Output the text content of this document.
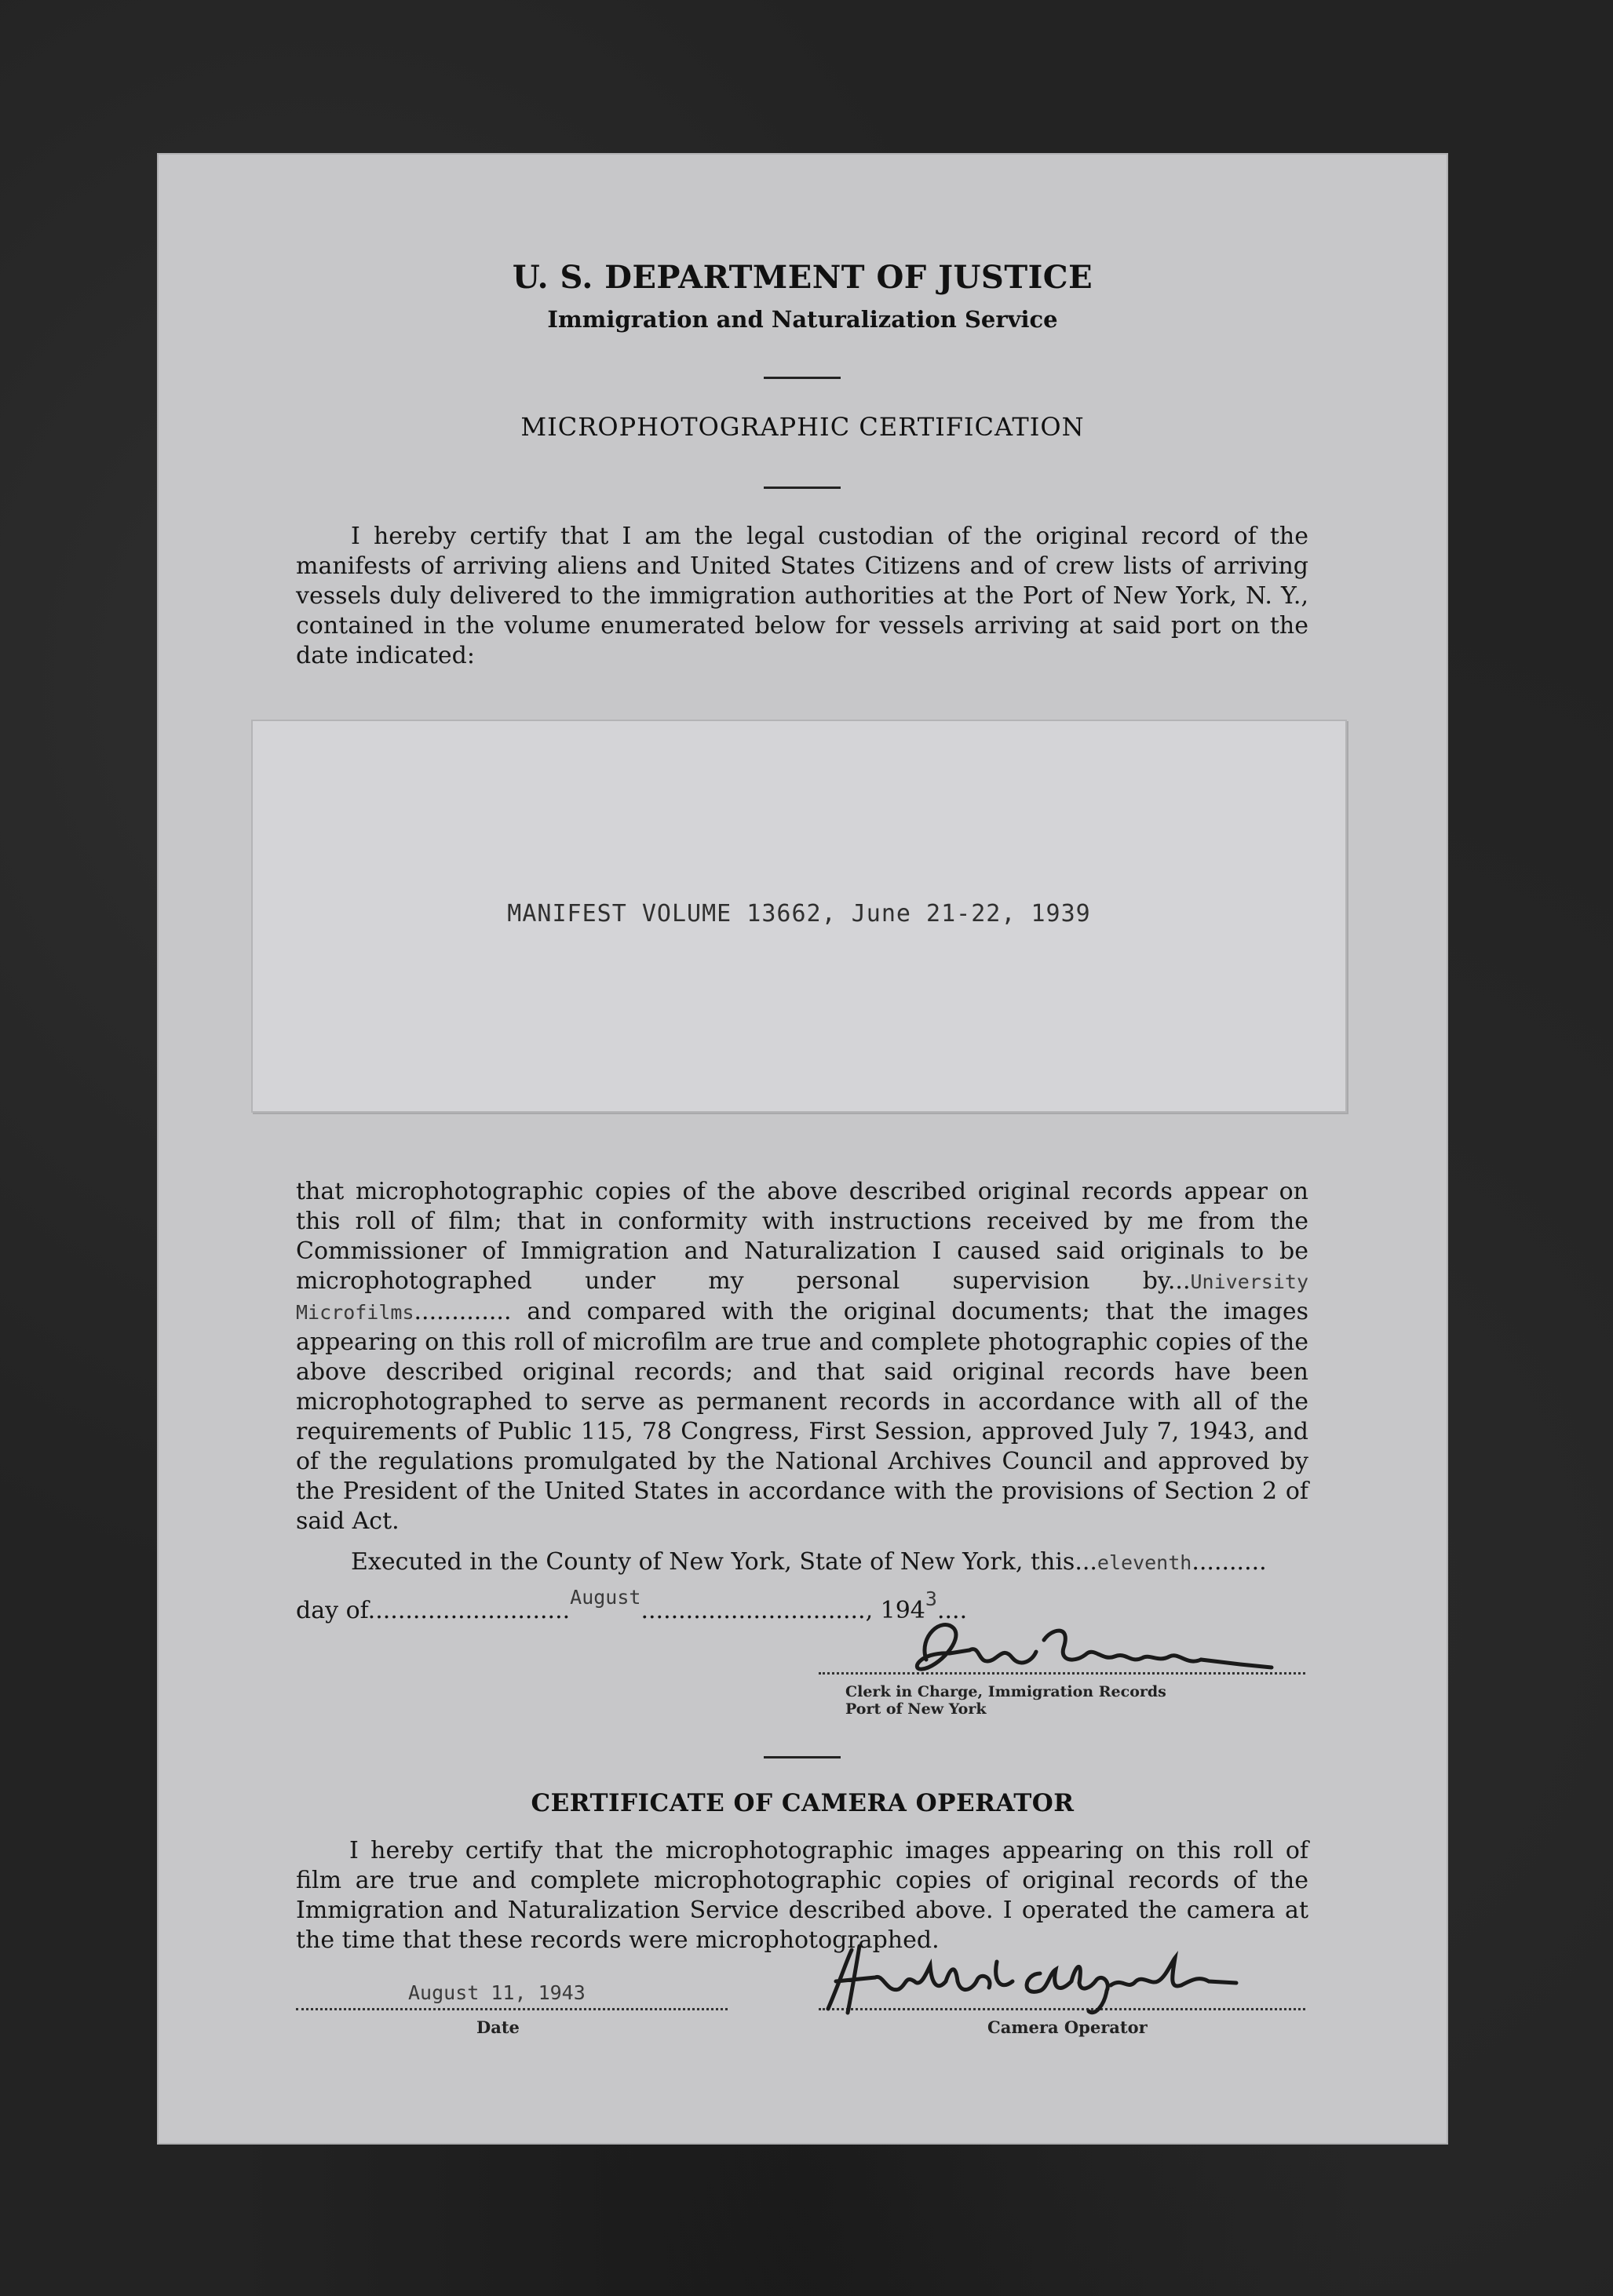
U. S. DEPARTMENT OF JUSTICE
Immigration and Naturalization Service
MICROPHOTOGRAPHIC CERTIFICATION

I hereby certify that I am the legal custodian of the original record of the manifests of arriving aliens and United States Citizens and of crew lists of arriving vessels duly delivered to the immigration authorities at the Port of New York, N. Y., contained in the volume enumerated below for vessels arriving at said port on the date indicated:

MANIFEST VOLUME 13662, June 21-22, 1939

that microphotographic copies of the above described original records appear on this roll of film; that in conformity with instructions received by me from the Commissioner of Immigration and Naturalization I caused said originals to be microphotographed under my personal supervision by...University Microfilms............. and compared with the original documents; that the images appearing on this roll of microfilm are true and complete photographic copies of the above described original records; and that said original records have been microphotographed to serve as permanent records in accordance with all of the requirements of Public 115, 78 Congress, First Session, approved July 7, 1943, and of the regulations promulgated by the National Archives Council and approved by the President of the United States in accordance with the provisions of Section 2 of said Act.

Executed in the County of New York, State of New York, this...eleventh..........
day of...........................$^{August}$.............................., $194^3$....
Clerk in Charge, Immigration Records
Port of New York
CERTIFICATE OF CAMERA OPERATOR

I hereby certify that the microphotographic images appearing on this roll of film are true and complete microphotographic copies of original records of the Immigration and Naturalization Service described above. I operated the camera at the time that these records were microphotographed.

August 11, 1943
Date	Camera Operator
